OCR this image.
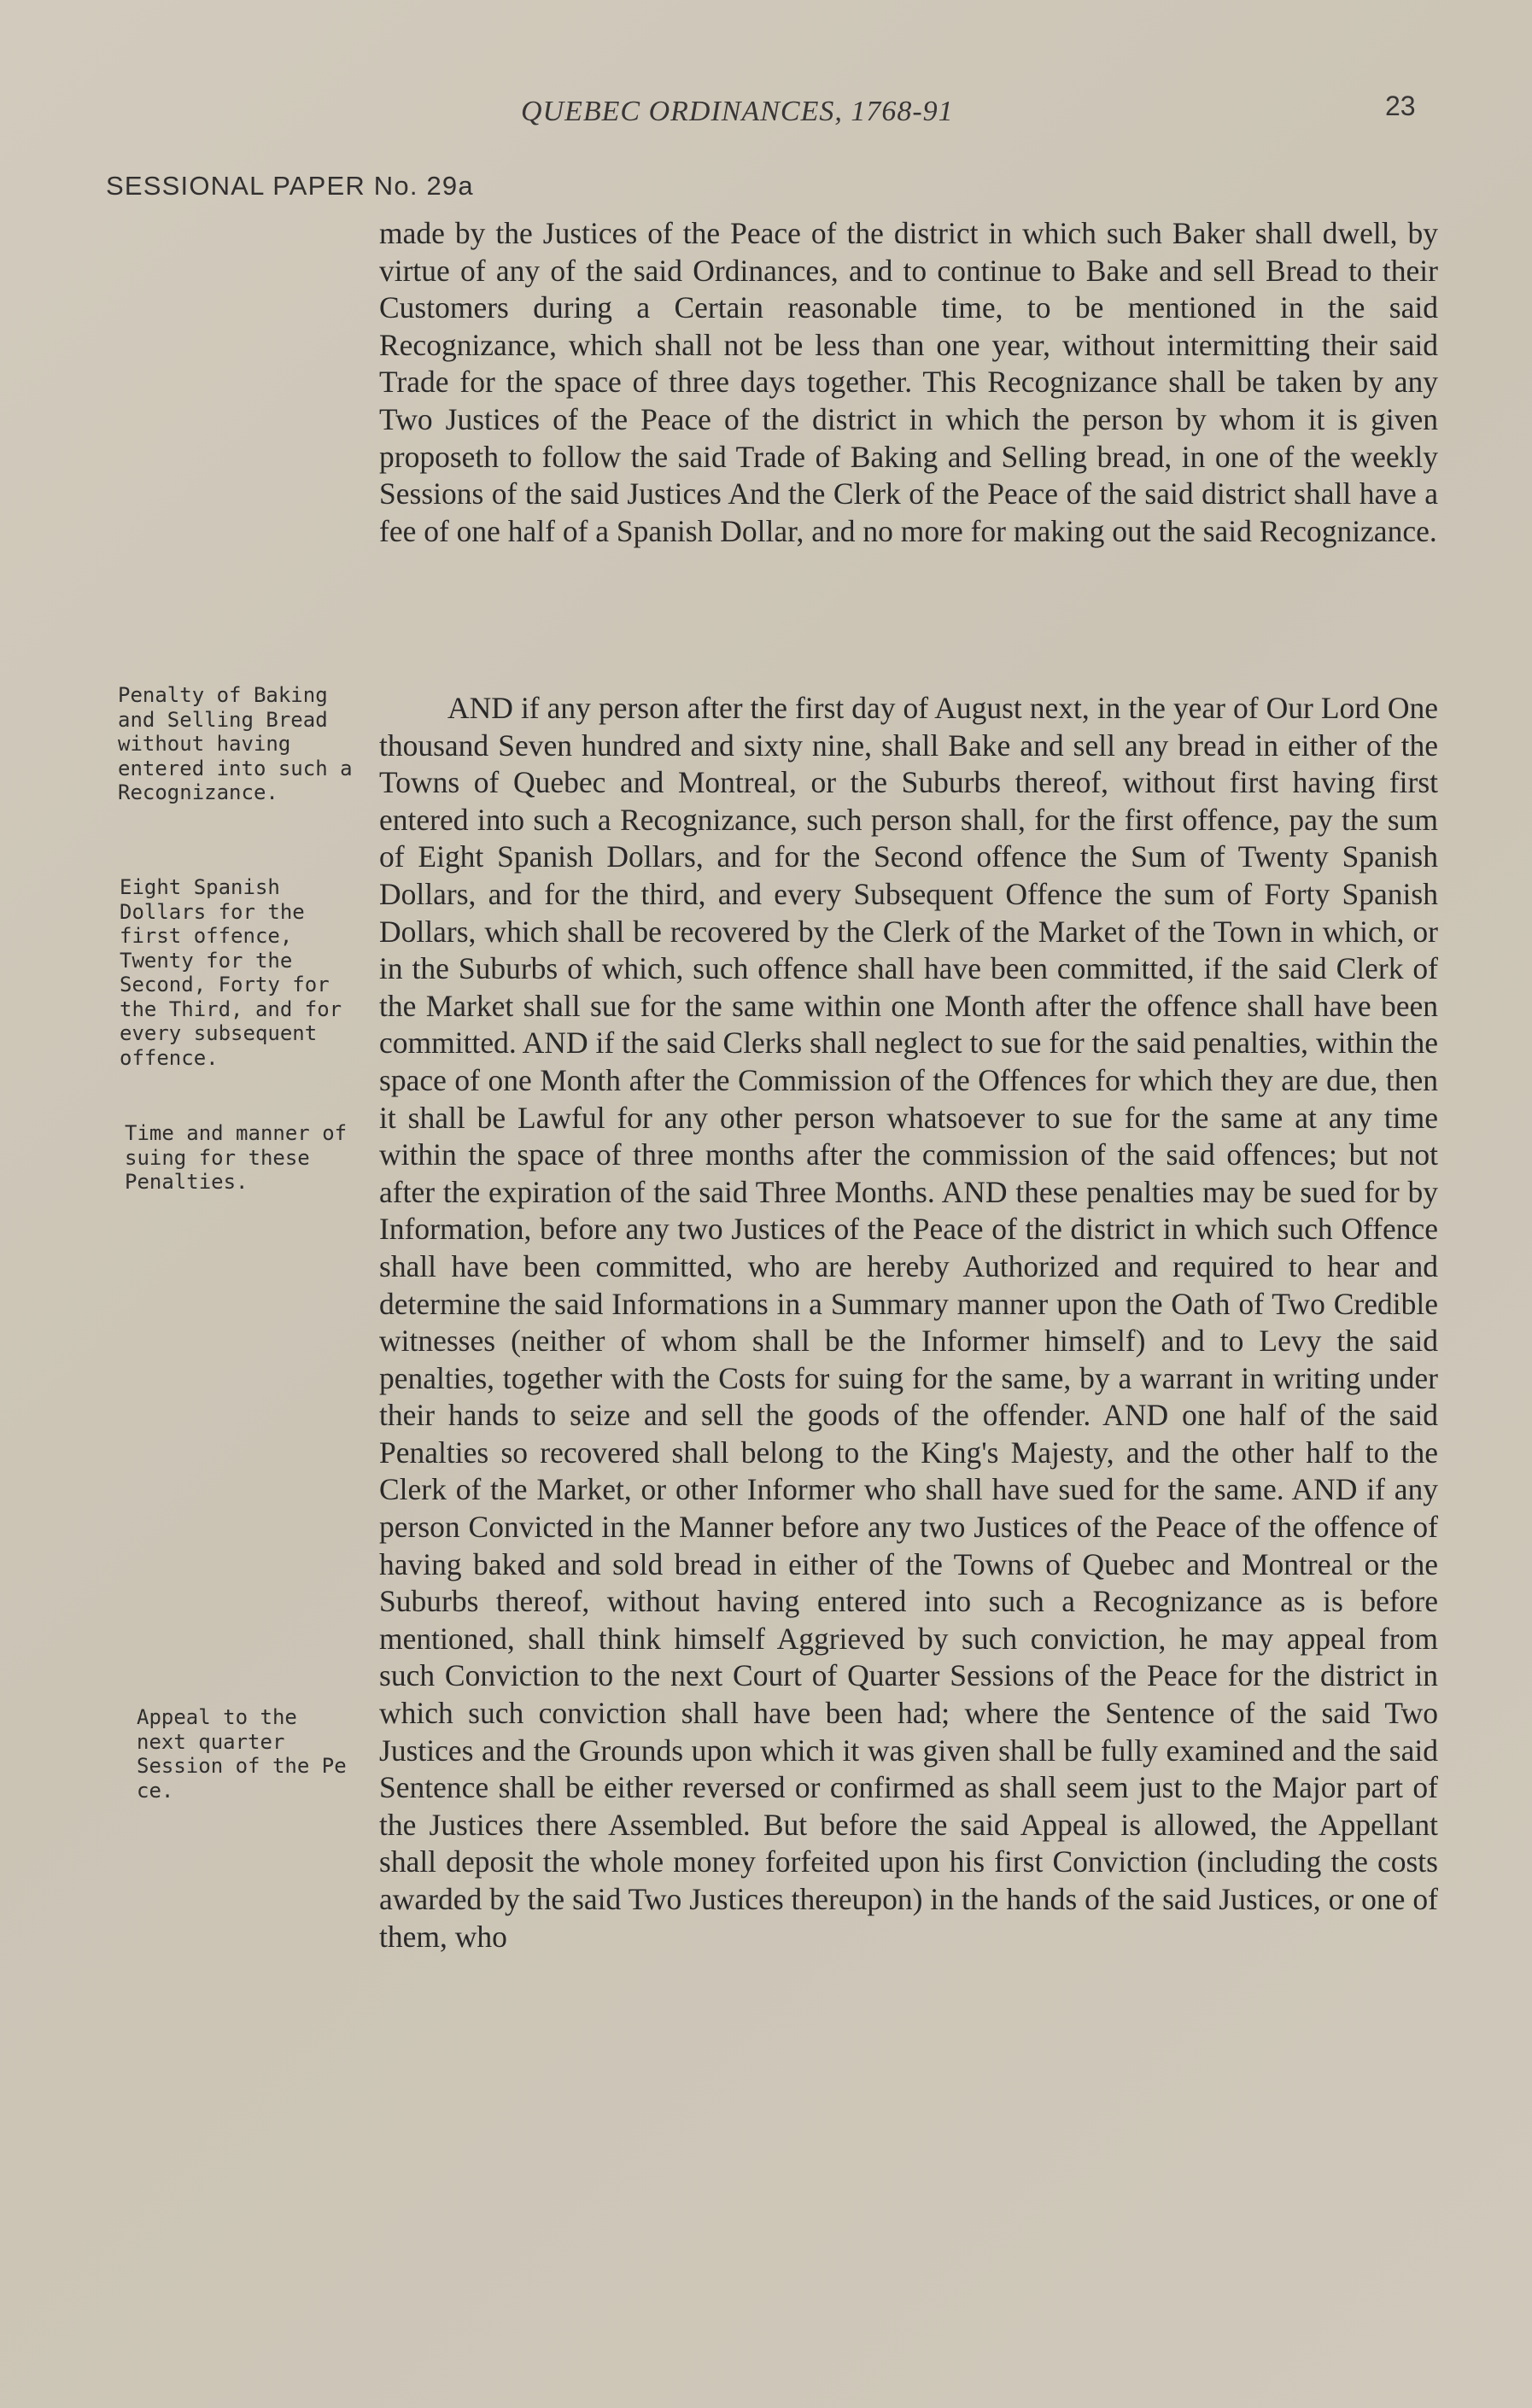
QUEBEC ORDINANCES, 1768-91	23
SESSIONAL PAPER No. 29a

Penalty of Baking and Selling Bread without having entered into such a Recognizance.

Eight Spanish Dollars for the first offence, Twenty for the Second, Forty for the Third, and for every subsequent offence.

Time and manner of suing for these Penalties.

Appeal to the next quarter Session of the Pe ce.

made by the Justices of the Peace of the district in which such Baker shall dwell, by virtue of any of the said Ordinances, and to continue to Bake and sell Bread to their Customers during a Certain reasonable time, to be mentioned in the said Recognizance, which shall not be less than one year, without intermitting their said Trade for the space of three days together. This Recognizance shall be taken by any Two Justices of the Peace of the district in which the person by whom it is given proposeth to follow the said Trade of Baking and Selling bread, in one of the weekly Sessions of the said Justices And the Clerk of the Peace of the said district shall have a fee of one half of a Spanish Dollar, and no more for making out the said Recognizance.

AND if any person after the first day of August next, in the year of Our Lord One thousand Seven hundred and sixty nine, shall Bake and sell any bread in either of the Towns of Quebec and Montreal, or the Suburbs thereof, without first having first entered into such a Recognizance, such person shall, for the first offence, pay the sum of Eight Spanish Dollars, and for the Second offence the Sum of Twenty Spanish Dollars, and for the third, and every Subsequent Offence the sum of Forty Spanish Dollars, which shall be recovered by the Clerk of the Market of the Town in which, or in the Suburbs of which, such offence shall have been committed, if the said Clerk of the Market shall sue for the same within one Month after the offence shall have been committed. AND if the said Clerks shall neglect to sue for the said penalties, within the space of one Month after the Commission of the Offences for which they are due, then it shall be Lawful for any other person whatsoever to sue for the same at any time within the space of three months after the commission of the said offences; but not after the expiration of the said Three Months. AND these penalties may be sued for by Information, before any two Justices of the Peace of the district in which such Offence shall have been committed, who are hereby Authorized and required to hear and determine the said Informations in a Summary manner upon the Oath of Two Credible witnesses (neither of whom shall be the Informer himself) and to Levy the said penalties, together with the Costs for suing for the same, by a warrant in writing under their hands to seize and sell the goods of the offender. AND one half of the said Penalties so recovered shall belong to the King's Majesty, and the other half to the Clerk of the Market, or other Informer who shall have sued for the same. AND if any person Convicted in the Manner before any two Justices of the Peace of the offence of having baked and sold bread in either of the Towns of Quebec and Montreal or the Suburbs thereof, without having entered into such a Recognizance as is before mentioned, shall think himself Aggrieved by such conviction, he may appeal from such Conviction to the next Court of Quarter Sessions of the Peace for the district in which such conviction shall have been had; where the Sentence of the said Two Justices and the Grounds upon which it was given shall be fully examined and the said Sentence shall be either reversed or confirmed as shall seem just to the Major part of the Justices there Assembled. But before the said Appeal is allowed, the Appellant shall deposit the whole money forfeited upon his first Conviction (including the costs awarded by the said Two Justices thereupon) in the hands of the said Justices, or one of them, who
